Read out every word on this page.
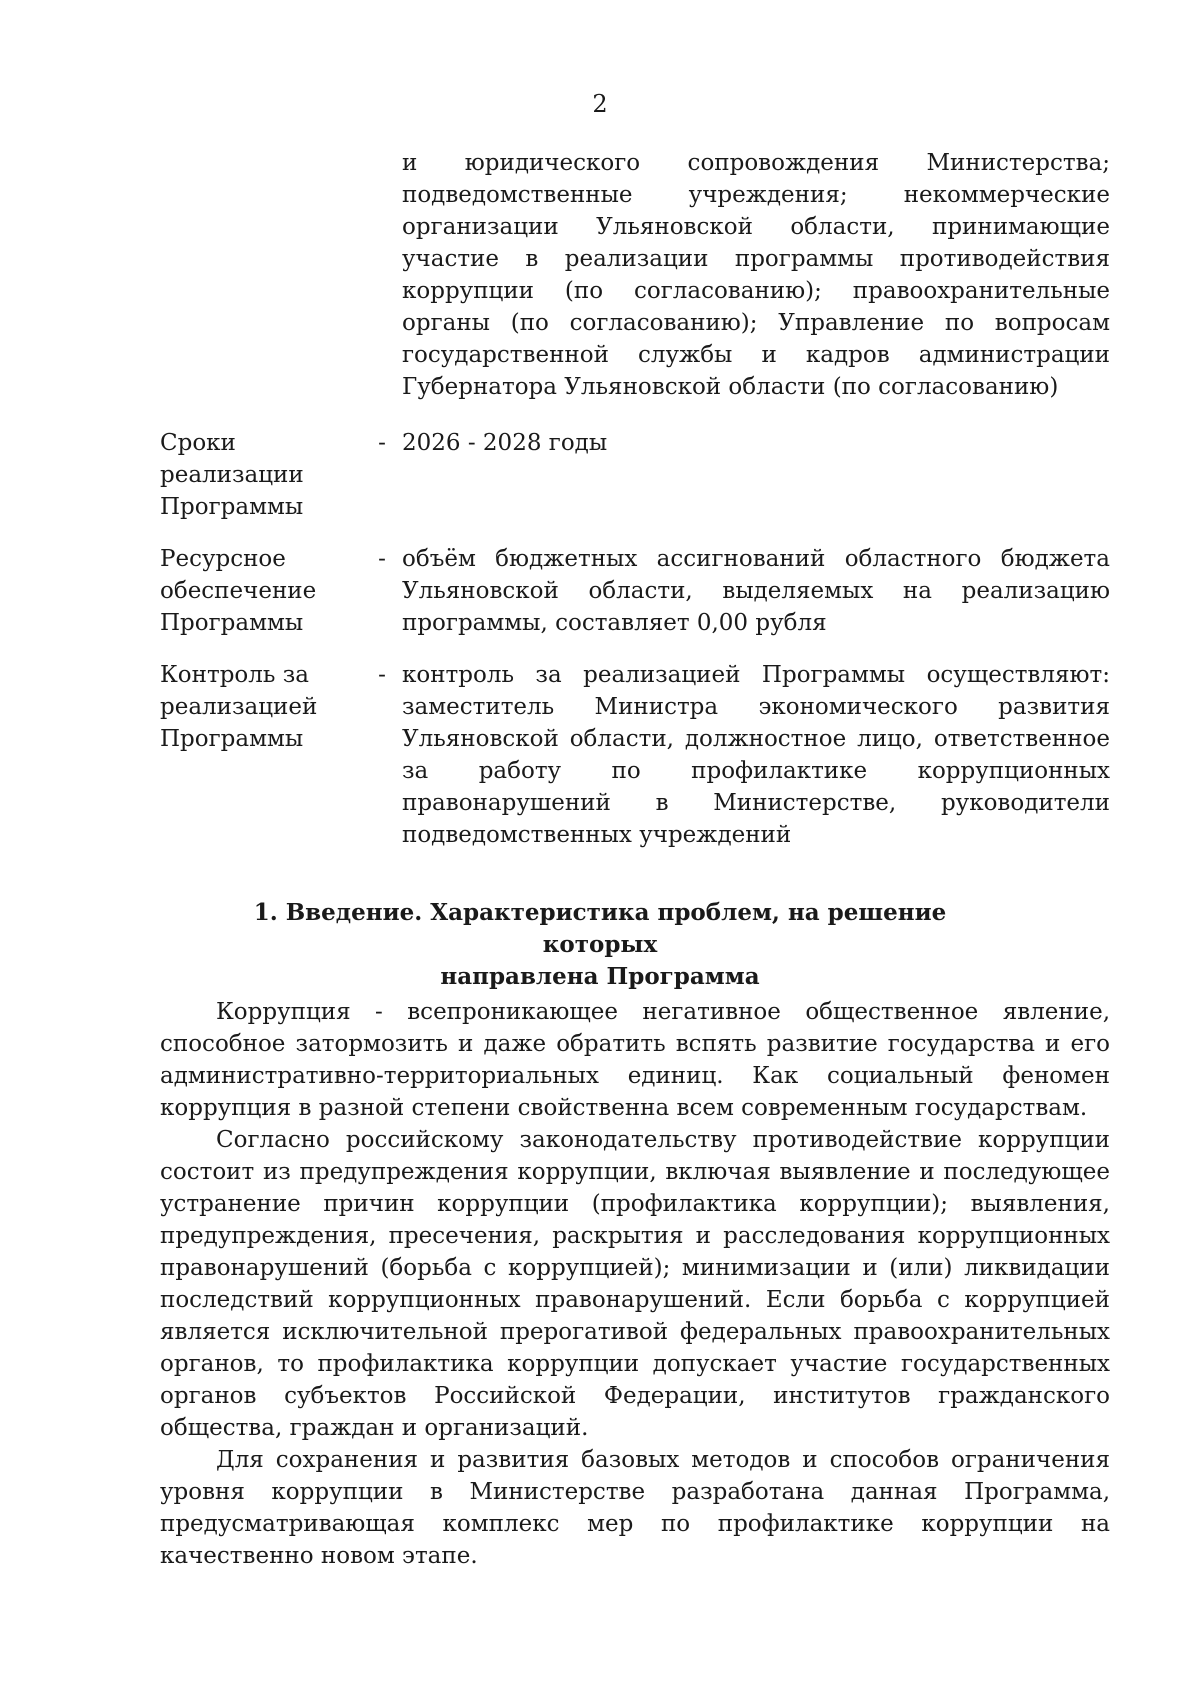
2
и юридического сопровождения Министерства; подведомственные учреждения; некоммерческие организации Ульяновской области, принимающие участие в реализации программы противодействия коррупции (по согласованию); правоохранительные органы (по согласованию); Управление по вопросам государственной службы и кадров администрации Губернатора Ульяновской области (по согласованию)
Сроки
реализации
Программы
- 2026 - 2028 годы
Ресурсное
обеспечение
Программы
- объём бюджетных ассигнований областного бюджета Ульяновской области, выделяемых на реализацию программы, составляет 0,00 рубля
Контроль за
реализацией
Программы
- контроль за реализацией Программы осуществляют: заместитель Министра экономического развития Ульяновской области, должностное лицо, ответственное за работу по профилактике коррупционных правонарушений в Министерстве, руководители подведомственных учреждений
1. Введение. Характеристика проблем, на решение которых
направлена Программа

Коррупция - всепроникающее негативное общественное явление, способное затормозить и даже обратить вспять развитие государства и его административно-территориальных единиц. Как социальный феномен коррупция в разной степени свойственна всем современным государствам.

Согласно российскому законодательству противодействие коррупции состоит из предупреждения коррупции, включая выявление и последующее устранение причин коррупции (профилактика коррупции); выявления, предупреждения, пресечения, раскрытия и расследования коррупционных правонарушений (борьба с коррупцией); минимизации и (или) ликвидации последствий коррупционных правонарушений. Если борьба с коррупцией является исключительной прерогативой федеральных правоохранительных органов, то профилактика коррупции допускает участие государственных органов субъектов Российской Федерации, институтов гражданского общества, граждан и организаций.

Для сохранения и развития базовых методов и способов ограничения уровня коррупции в Министерстве разработана данная Программа, предусматривающая комплекс мер по профилактике коррупции на качественно новом этапе.
